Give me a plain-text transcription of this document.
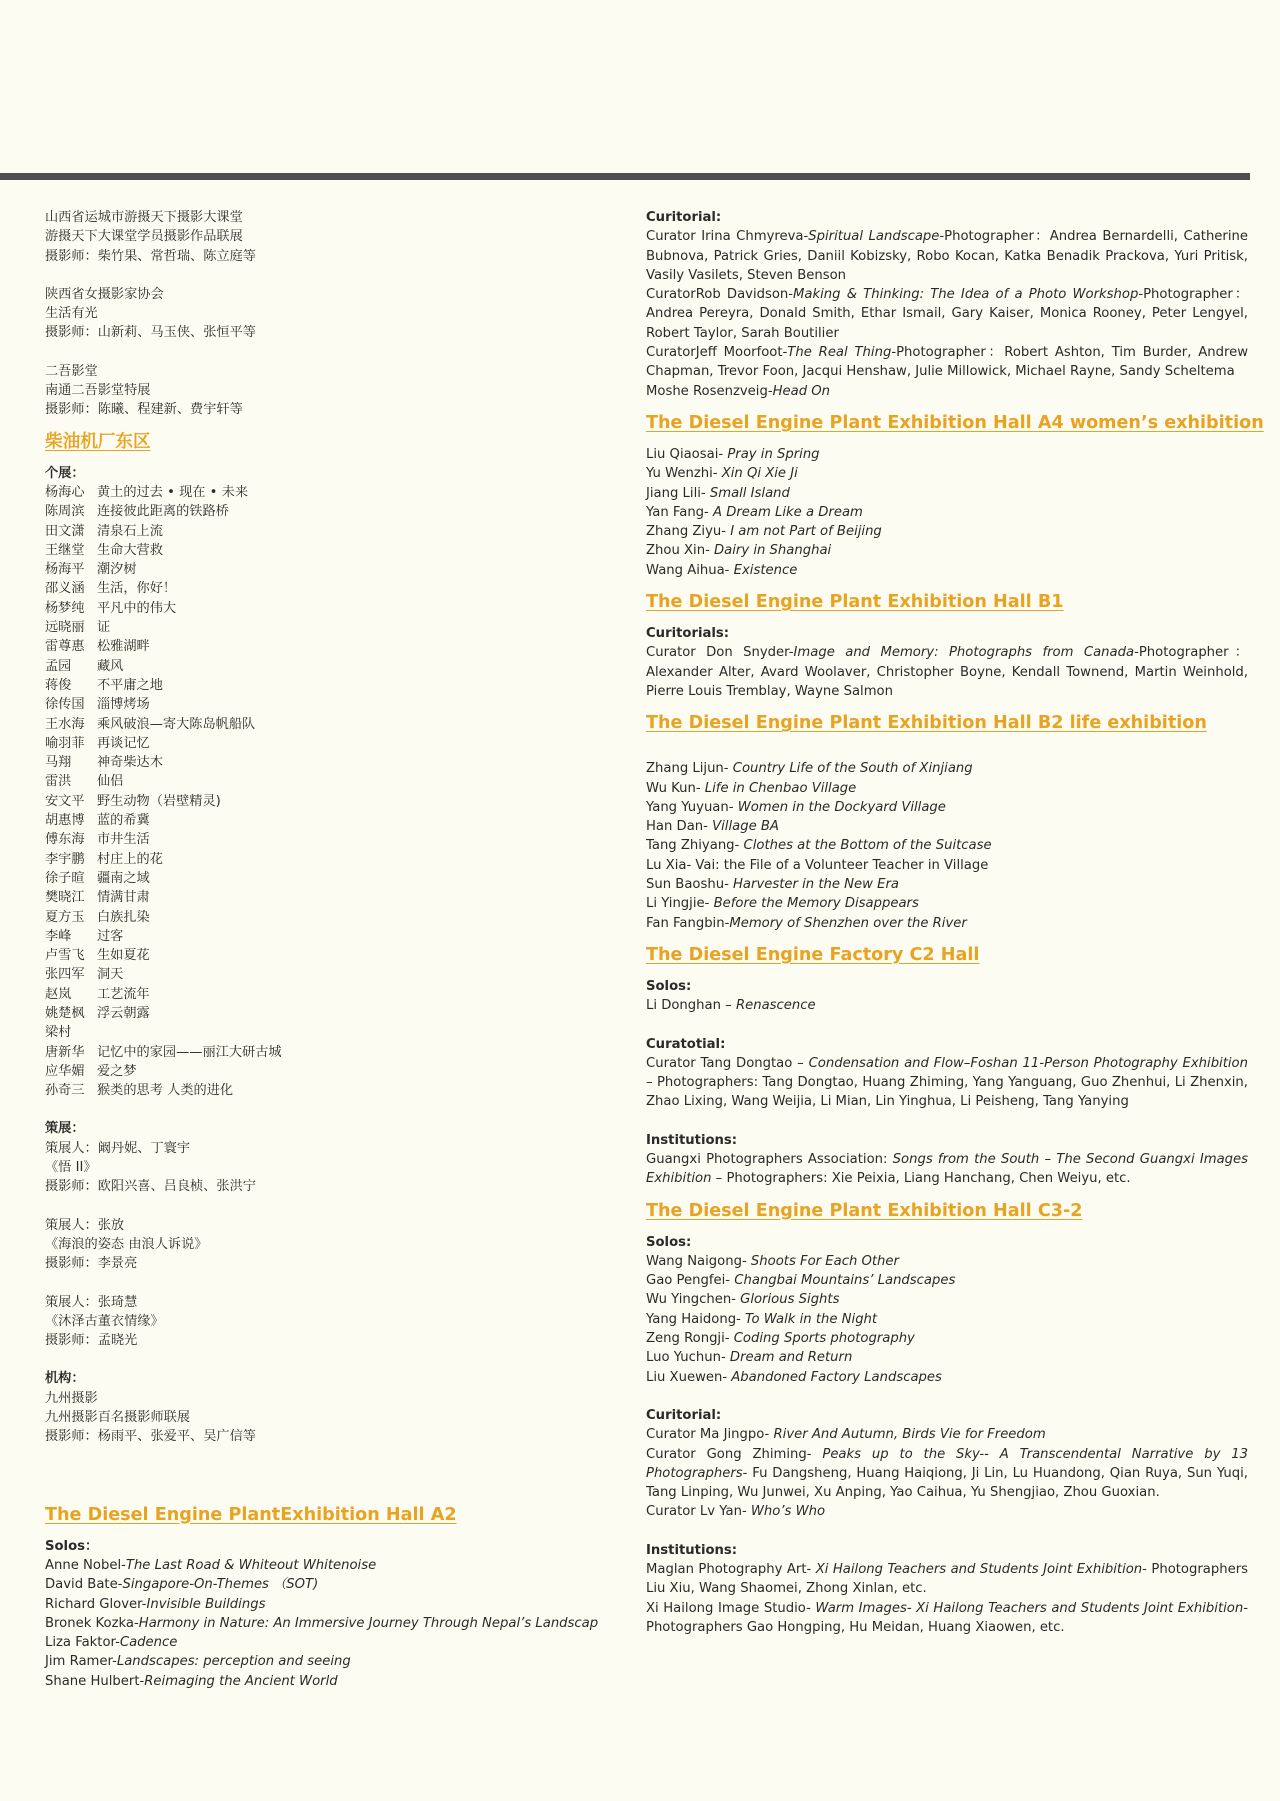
山西省运城市游摄天下摄影大课堂
游摄天下大课堂学员摄影作品联展
摄影师：柴竹果、常哲瑞、陈立庭等
陕西省女摄影家协会
生活有光
摄影师：山新莉、马玉侠、张恒平等
二吾影堂
南通二吾影堂特展
摄影师：陈曦、程建新、费宇轩等
柴油机厂东区
个展：
杨海心 黄土的过去 • 现在 • 未来
陈周滨 连接彼此距离的铁路桥
田文潇 清泉石上流
王继堂 生命大营救
杨海平 潮汐树
邵义涵 生活，你好！
杨梦纯 平凡中的伟大
远晓丽 证
雷尊惠 松雅湖畔
孟园 藏风
蒋俊 不平庸之地
徐传国 淄博烤场
王水海 乘风破浪—寄大陈岛帆船队
喻羽菲 再谈记忆
马翔 神奇柴达木
雷洪 仙侣
安文平 野生动物（岩壁精灵)
胡惠博 蓝的希冀
傅东海 市井生活
李宇鹏 村庄上的花
徐子暄 疆南之域
樊晓江 情满甘肃
夏方玉 白族扎染
李峰 过客
卢雪飞 生如夏花
张四军 洞天
赵岚 工艺流年
姚楚枫 浮云朝露
梁村
唐新华 记忆中的家园——丽江大研古城
应华媚 爱之梦
孙奇三 猴类的思考 人类的进化
策展：
策展人：阚丹妮、丁寰宇
《悟 II》
摄影师：欧阳兴喜、吕良桢、张洪宁
策展人：张放
《海浪的姿态 由浪人诉说》
摄影师：李景亮
策展人：张琦慧
《沐泽古董衣情缘》
摄影师：孟晓光
机构：
九州摄影
九州摄影百名摄影师联展
摄影师：杨雨平、张爱平、吴广信等
The Diesel Engine PlantExhibition Hall A2
Solos：
Anne Nobel-The Last Road & Whiteout Whitenoise
David Bate-Singapore-On-Themes （SOT)
Richard Glover-Invisible Buildings
Bronek Kozka-Harmony in Nature: An Immersive Journey Through Nepal’s Landscap
Liza Faktor-Cadence
Jim Ramer-Landscapes: perception and seeing
Shane Hulbert-Reimaging the Ancient World
Curitorial:
Curator Irina Chmyreva-Spiritual Landscape-Photographer：Andrea Bernardelli, Catherine Bubnova, Patrick Gries, Daniil Kobizsky, Robo Kocan, Katka Benadik Prackova, Yuri Pritisk, Vasily Vasilets, Steven Benson
CuratorRob Davidson-Making & Thinking: The Idea of a Photo Workshop-Photographer：Andrea Pereyra, Donald Smith, Ethar Ismail, Gary Kaiser, Monica Rooney, Peter Lengyel, Robert Taylor, Sarah Boutilier
CuratorJeff Moorfoot-The Real Thing-Photographer：Robert Ashton, Tim Burder, Andrew Chapman, Trevor Foon, Jacqui Henshaw, Julie Millowick, Michael Rayne, Sandy Scheltema
Moshe Rosenzveig-Head On
The Diesel Engine Plant Exhibition Hall A4 women’s exhibition
Liu Qiaosai- Pray in Spring
Yu Wenzhi- Xin Qi Xie Ji
Jiang Lili- Small Island
Yan Fang- A Dream Like a Dream
Zhang Ziyu- I am not Part of Beijing
Zhou Xin- Dairy in Shanghai
Wang Aihua- Existence
The Diesel Engine Plant Exhibition Hall B1
Curitorials:
Curator Don Snyder-Image and Memory: Photographs from Canada-Photographer：Alexander Alter, Avard Woolaver, Christopher Boyne, Kendall Townend, Martin Weinhold, Pierre Louis Tremblay, Wayne Salmon
The Diesel Engine Plant Exhibition Hall B2 life exhibition
Zhang Lijun- Country Life of the South of Xinjiang
Wu Kun- Life in Chenbao Village
Yang Yuyuan- Women in the Dockyard Village
Han Dan- Village BA
Tang Zhiyang- Clothes at the Bottom of the Suitcase
Lu Xia- Vai: the File of a Volunteer Teacher in Village
Sun Baoshu- Harvester in the New Era
Li Yingjie- Before the Memory Disappears
Fan Fangbin-Memory of Shenzhen over the River
The Diesel Engine Factory C2 Hall
Solos:
Li Donghan – Renascence
Curatotial:
Curator Tang Dongtao – Condensation and Flow–Foshan 11-Person Photography Exhibition – Photographers: Tang Dongtao, Huang Zhiming, Yang Yanguang, Guo Zhenhui, Li Zhenxin, Zhao Lixing, Wang Weijia, Li Mian, Lin Yinghua, Li Peisheng, Tang Yanying
Institutions:
Guangxi Photographers Association: Songs from the South – The Second Guangxi Images Exhibition – Photographers: Xie Peixia, Liang Hanchang, Chen Weiyu, etc.
The Diesel Engine Plant Exhibition Hall C3-2
Solos:
Wang Naigong- Shoots For Each Other
Gao Pengfei- Changbai Mountains’ Landscapes
Wu Yingchen- Glorious Sights
Yang Haidong- To Walk in the Night
Zeng Rongji- Coding Sports photography
Luo Yuchun- Dream and Return
Liu Xuewen- Abandoned Factory Landscapes
Curitorial:
Curator Ma Jingpo- River And Autumn, Birds Vie for Freedom
Curator Gong Zhiming- Peaks up to the Sky-- A Transcendental Narrative by 13 Photographers- Fu Dangsheng, Huang Haiqiong, Ji Lin, Lu Huandong, Qian Ruya, Sun Yuqi, Tang Linping, Wu Junwei, Xu Anping, Yao Caihua, Yu Shengjiao, Zhou Guoxian.
Curator Lv Yan- Who’s Who
Institutions:
Maglan Photography Art- Xi Hailong Teachers and Students Joint Exhibition- Photographers Liu Xiu, Wang Shaomei, Zhong Xinlan, etc.
Xi Hailong Image Studio- Warm Images- Xi Hailong Teachers and Students Joint Exhibition- Photographers Gao Hongping, Hu Meidan, Huang Xiaowen, etc.
